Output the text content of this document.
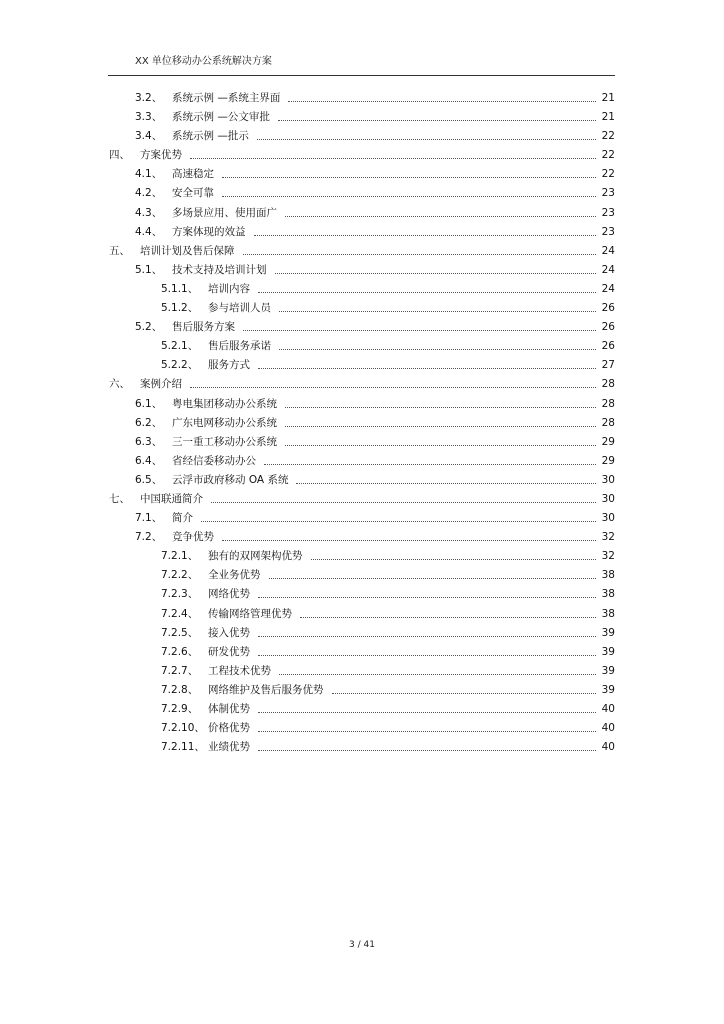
XX 单位移动办公系统解决方案
3.2、 系统示例 —系统主界面	21
3.3、 系统示例 —公文审批	21
3.4、 系统示例 —批示	22
四、 方案优势	22
4.1、 高速稳定	22
4.2、 安全可靠	23
4.3、 多场景应用、使用面广	23
4.4、 方案体现的效益	23
五、 培训计划及售后保障	24
5.1、 技术支持及培训计划	24
5.1.1、 培训内容	24
5.1.2、 参与培训人员	26
5.2、 售后服务方案	26
5.2.1、 售后服务承诺	26
5.2.2、 服务方式	27
六、 案例介绍	28
6.1、 粤电集团移动办公系统	28
6.2、 广东电网移动办公系统	28
6.3、 三一重工移动办公系统	29
6.4、 省经信委移动办公	29
6.5、 云浮市政府移动 OA 系统	30
七、 中国联通简介	30
7.1、 简介	30
7.2、 竞争优势	32
7.2.1、 独有的双网架构优势	32
7.2.2、 全业务优势	38
7.2.3、 网络优势	38
7.2.4、 传输网络管理优势	38
7.2.5、 接入优势	39
7.2.6、 研发优势	39
7.2.7、 工程技术优势	39
7.2.8、 网络维护及售后服务优势	39
7.2.9、 体制优势	40
7.2.10、 价格优势	40
7.2.11、 业绩优势	40
3 / 41
